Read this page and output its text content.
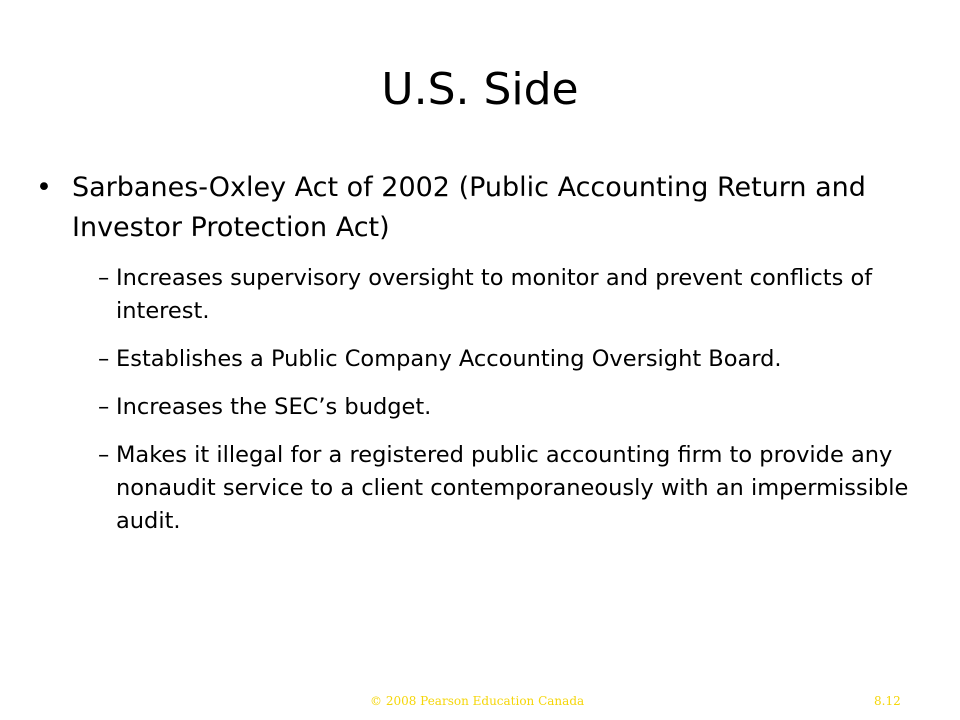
U.S. Side
• Sarbanes-Oxley Act of 2002 (Public Accounting Return and Investor Protection Act)
– Increases supervisory oversight to monitor and prevent conflicts of interest.
– Establishes a Public Company Accounting Oversight Board.
– Increases the SEC’s budget.
– Makes it illegal for a registered public accounting firm to provide any nonaudit service to a client contemporaneously with an impermissible audit.
© 2008 Pearson Education Canada	8.12
